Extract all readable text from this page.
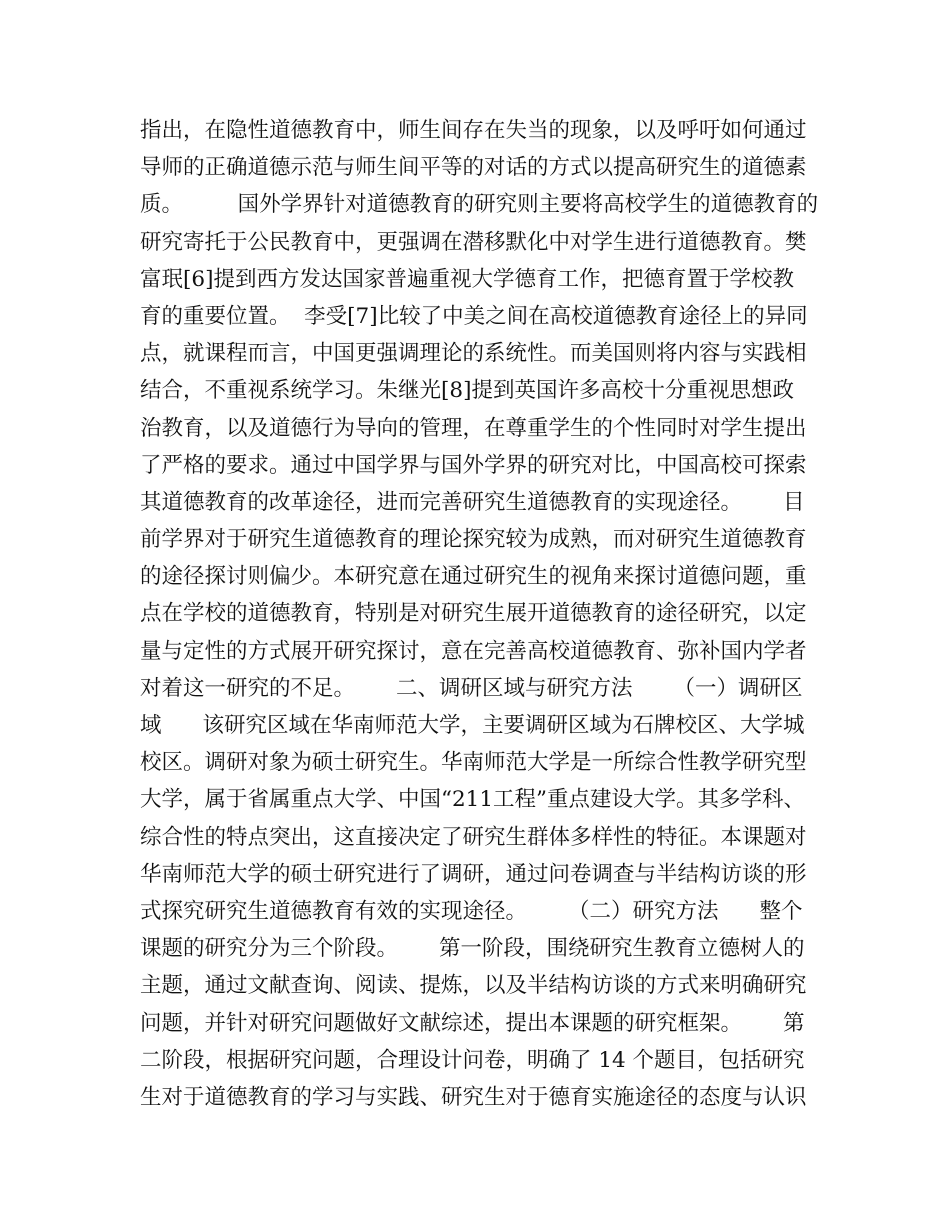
指出，在隐性道德教育中，师生间存在失当的现象，以及呼吁如何通过
导师的正确道德示范与师生间平等的对话的方式以提高研究生的道德素
质。        国外学界针对道德教育的研究则主要将高校学生的道德教育的
研究寄托于公民教育中，更强调在潜移默化中对学生进行道德教育。樊
富珉[6]提到西方发达国家普遍重视大学德育工作，把德育置于学校教
育的重要位置。  李受[7]比较了中美之间在高校道德教育途径上的异同
点，就课程而言，中国更强调理论的系统性。而美国则将内容与实践相
结合，不重视系统学习。朱继光[8]提到英国许多高校十分重视思想政
治教育，以及道德行为导向的管理，在尊重学生的个性同时对学生提出
了严格的要求。通过中国学界与国外学界的研究对比，中国高校可探索
其道德教育的改革途径，进而完善研究生道德教育的实现途径。      目
前学界对于研究生道德教育的理论探究较为成熟，而对研究生道德教育
的途径探讨则偏少。本研究意在通过研究生的视角来探讨道德问题，重
点在学校的道德教育，特别是对研究生展开道德教育的途径研究，以定
量与定性的方式展开研究探讨，意在完善高校道德教育、弥补国内学者
对着这一研究的不足。      二、调研区域与研究方法      （一）调研区
域      该研究区域在华南师范大学，主要调研区域为石牌校区、大学城
校区。调研对象为硕士研究生。华南师范大学是一所综合性教学研究型
大学，属于省属重点大学、中国“211工程”重点建设大学。其多学科、
综合性的特点突出，这直接决定了研究生群体多样性的特征。本课题对
华南师范大学的硕士研究进行了调研，通过问卷调查与半结构访谈的形
式探究研究生道德教育有效的实现途径。      （二）研究方法      整个
课题的研究分为三个阶段。      第一阶段，围绕研究生教育立德树人的
主题，通过文献查询、阅读、提炼，以及半结构访谈的方式来明确研究
问题，并针对研究问题做好文献综述，提出本课题的研究框架。      第
二阶段，根据研究问题，合理设计问卷，明确了 14 个题目，包括研究
生对于道德教育的学习与实践、研究生对于德育实施途径的态度与认识
